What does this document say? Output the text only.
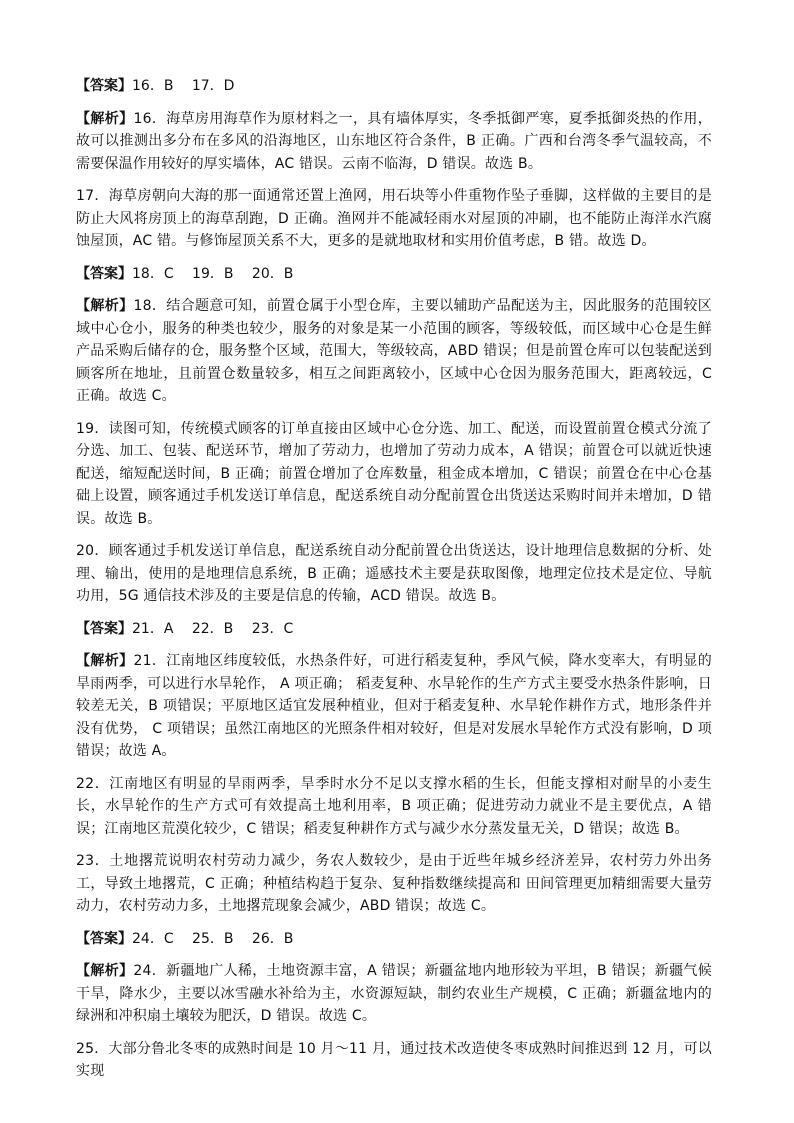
【答案】16．B　 17．D
【解析】16．海草房用海草作为原材料之一，具有墙体厚实，冬季抵御严寒，夏季抵御炎热的作用，故可以推测出多分布在多风的沿海地区，山东地区符合条件，B 正确。广西和台湾冬季气温较高，不需要保温作用较好的厚实墙体，AC 错误。云南不临海，D 错误。故选 B。
17．海草房朝向大海的那一面通常还置上渔网，用石块等小件重物作坠子垂脚，这样做的主要目的是防止大风将房顶上的海草刮跑，D 正确。渔网并不能减轻雨水对屋顶的冲刷，也不能防止海洋水汽腐蚀屋顶，AC 错。与修饰屋顶关系不大，更多的是就地取材和实用价值考虑，B 错。故选 D。
【答案】18．C　 19．B　 20．B
【解析】18．结合题意可知，前置仓属于小型仓库，主要以辅助产品配送为主，因此服务的范围较区域中心仓小，服务的种类也较少，服务的对象是某一小范围的顾客，等级较低，而区域中心仓是生鲜产品采购后储存的仓，服务整个区域，范围大，等级较高，ABD 错误；但是前置仓库可以包装配送到顾客所在地址，且前置仓数量较多，相互之间距离较小，区域中心仓因为服务范围大，距离较远，C 正确。故选 C。
19．读图可知，传统模式顾客的订单直接由区域中心仓分选、加工、配送，而设置前置仓模式分流了分选、加工、包装、配送环节，增加了劳动力，也增加了劳动力成本，A 错误；前置仓可以就近快速配送，缩短配送时间，B 正确；前置仓增加了仓库数量，租金成本增加，C 错误；前置仓在中心仓基础上设置，顾客通过手机发送订单信息，配送系统自动分配前置仓出货送达采购时间并未增加，D 错误。故选 B。
20．顾客通过手机发送订单信息，配送系统自动分配前置仓出货送达，设计地理信息数据的分析、处理、输出，使用的是地理信息系统，B 正确；遥感技术主要是获取图像，地理定位技术是定位、导航功用，5G 通信技术涉及的主要是信息的传输，ACD 错误。故选 B。
【答案】21．A　 22．B　 23．C
【解析】21．江南地区纬度较低，水热条件好，可进行稻麦复种，季风气候，降水变率大，有明显的旱雨两季，可以进行水旱轮作， A 项正确； 稻麦复种、水旱轮作的生产方式主要受水热条件影响，日较差无关，B 项错误；平原地区适宜发展种植业，但对于稻麦复种、水旱轮作耕作方式，地形条件并没有优势， C 项错误；虽然江南地区的光照条件相对较好，但是对发展水旱轮作方式没有影响，D 项错误；故选 A。
22．江南地区有明显的旱雨两季，旱季时水分不足以支撑水稻的生长，但能支撑相对耐旱的小麦生长，水旱轮作的生产方式可有效提高土地利用率，B 项正确；促进劳动力就业不是主要优点，A 错误；江南地区荒漠化较少，C 错误；稻麦复种耕作方式与减少水分蒸发量无关，D 错误；故选 B。
23．土地撂荒说明农村劳动力减少，务农人数较少，是由于近些年城乡经济差异，农村劳力外出务工，导致土地撂荒，C 正确；种植结构趋于复杂、复种指数继续提高和 田间管理更加精细需要大量劳动力，农村劳动力多，土地撂荒现象会减少，ABD 错误；故选 C。
【答案】24．C　 25．B　 26．B
【解析】24．新疆地广人稀，土地资源丰富，A 错误；新疆盆地内地形较为平坦，B 错误；新疆气候干旱，降水少，主要以冰雪融水补给为主，水资源短缺，制约农业生产规模，C 正确；新疆盆地内的绿洲和冲积扇土壤较为肥沃，D 错误。故选 C。
25．大部分鲁北冬枣的成熟时间是 10 月～11 月，通过技术改造使冬枣成熟时间推迟到 12 月，可以实现
